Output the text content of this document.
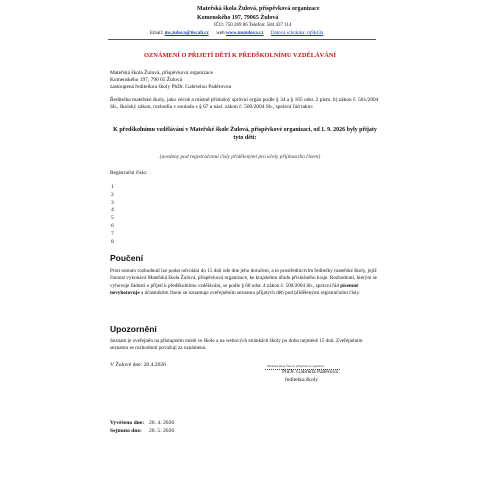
Mateřská škola Žulová, příspěvková organizace
Komenského 197, 79065 Žulová
IČO: 750 269 86 Telefon: 584 437 114
Email: ms.zulova@tiscali.cz web:www.mszulova.cz Datová schránka: rq9k43a
OZNÁMENÍ O PŘIJETÍ DĚTÍ K PŘEDŠKOLNÍMU VZDĚLÁVÁNÍ
Mateřská škola Žulová, příspěvková organizace
Komenského 197, 790 65 Žulová
zastoupená ředitelkou školy PhDr. Gabrielou Paděrovou
Ředitelka mateřské školy, jako věcně a místně příslušný správní orgán podle § 34 a § 165 odst. 2 písm. b) zákon č. 561/2004 Sb., školský zákon, rozhodla v souladu s § 67 a násl. zákon č. 500/2004 Sb., správní řád takto:
K předškolnímu vzdělávání v Mateřské škole Žulová, příspěvkové organizaci, od 1. 9. 2026 byly přijaty tyto děti:
(uvedeny pod registračními čísly přidělenými pro účely přijímacího řízení)
Registrační číslo:
1
2
3
4
5
6
7
8
Poučení
Proti tomuto rozhodnutí lze podat odvolání do 15 dnů ode dne jeho doručení, a to prostřednictvím ředitelky mateřské školy, jejíž činnost vykonává Mateřská škola Žulová, příspěvková organizace, ke krajskému úřadu příslušného kraje. Rozhodnutí, kterým se vyhovuje žádosti o přijetí k předškolnímu vzdělávání, se podle § 68 odst. 4 zákon č. 500/2004 Sb., správní řád písemně nevyhotovuje a účastníkům řízení se oznamuje zveřejněním seznamu přijatých dětí pod přidělenými registračními čísly.
Upozornění
Seznam je zveřejněn na přístupném místě ve škole a na webových stránkách školy po dobu nejméně 15 dnů. Zveřejněním seznamu se rozhodnutí považují za oznámená.
V Žulové dne: 20.4.2026	Mateřská škola Žulová, příspěvková organizace
PhDr. Gabriela Paděrová
ředitelka školy
Vyvěšeno dne: 20. 4. 2026
Sejmuto dne: 20. 5. 2026
